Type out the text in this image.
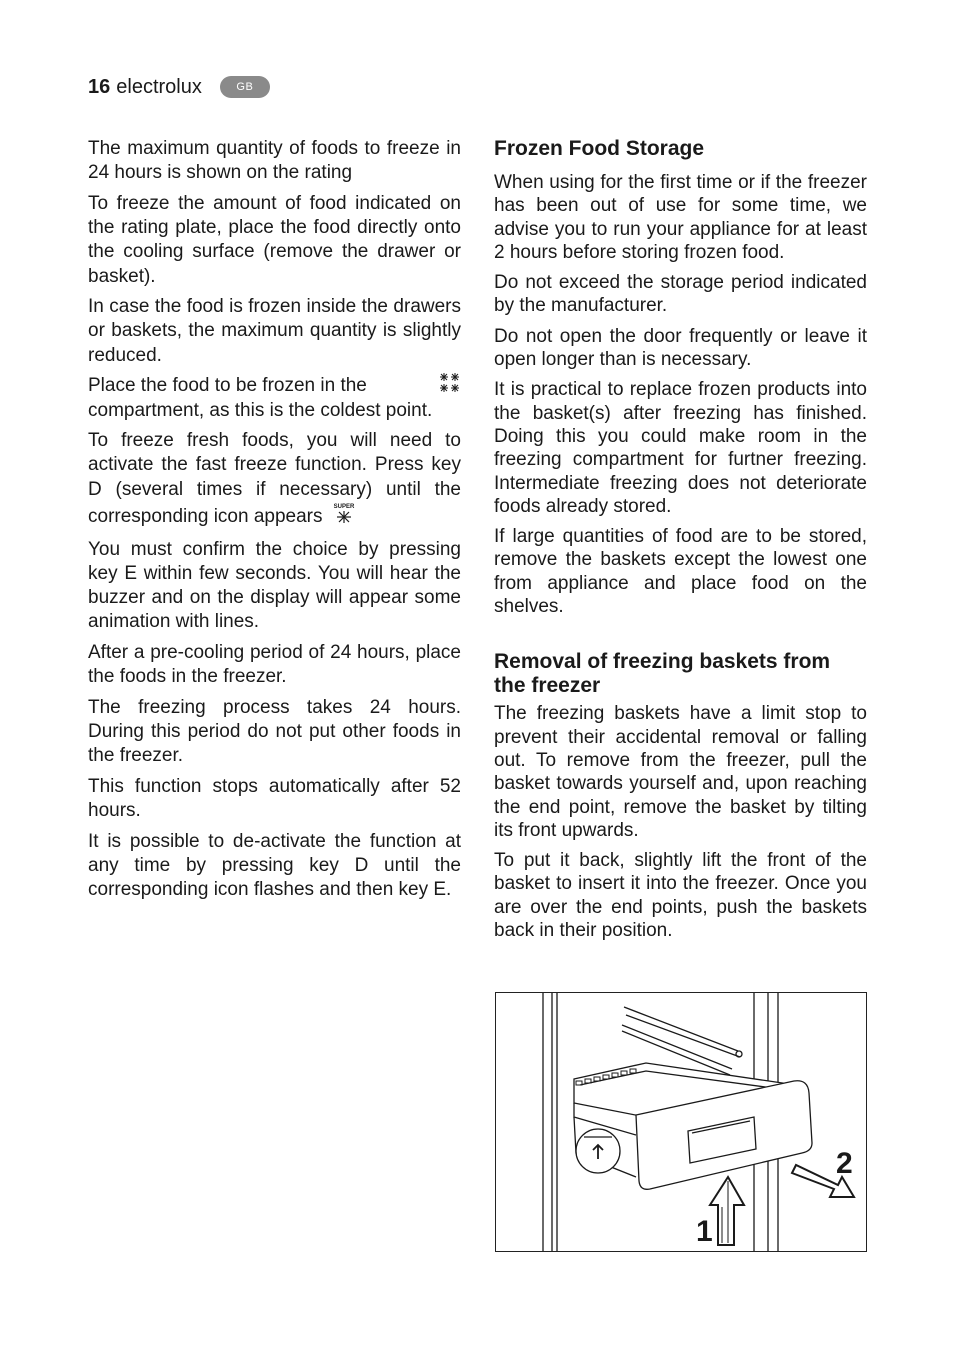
16 electrolux	GB

The maximum quantity of foods to freeze in 24 hours is shown on the rating

To freeze the amount of food indicated on the rating plate, place the food directly onto the cooling surface (remove the drawer or basket).

In case the food is frozen inside the drawers or baskets, the maximum quantity is slightly reduced.

Place the food to be frozen in the

compartment, as this is the coldest point.

To freeze fresh foods, you will need to activate the fast freeze function. Press key D (several times if necessary) until the corresponding icon appears SUPER

You must confirm the choice by pressing key E within few seconds. You will hear the buzzer and on the display will appear some animation with lines.

After a pre-cooling period of 24 hours, place the foods in the freezer.

The freezing process takes 24 hours. During this period do not put other foods in the freezer.

This function stops automatically after 52 hours.

It is possible to de-activate the function at any time by pressing key D until the corresponding icon flashes and then key E.

Frozen Food Storage

When using for the first time or if the freezer has been out of use for some time, we advise you to run your appliance for at least 2 hours before storing frozen food.

Do not exceed the storage period indicated by the manufacturer.

Do not open the door frequently or leave it open longer than is necessary.

It is practical to replace frozen products into the basket(s) after freezing has finished. Doing this you could make room in the freezing compartment for furtner freezing. Intermediate freezing does not deteriorate foods already stored.

If large quantities of food are to be stored, remove the baskets except the lowest one from appliance and place food on the shelves.

Removal of freezing baskets from the freezer

The freezing baskets have a limit stop to prevent their accidental removal or falling out. To remove from the freezer, pull the basket towards yourself and, upon reaching the end point, remove the basket by tilting its front upwards.

To put it back, slightly lift the front of the basket to insert it into the freezer. Once you are over the end points, push the baskets back in their position.

1
2
